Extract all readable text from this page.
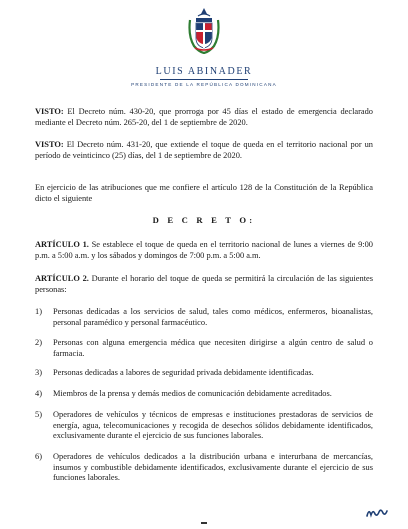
LUIS ABINADER
PRESIDENTE DE LA REPÚBLICA DOMINICANA
VISTO: El Decreto núm. 430-20, que prorroga por 45 días el estado de emergencia declarado mediante el Decreto núm. 265-20, del 1 de septiembre de 2020.
VISTO: El Decreto núm. 431-20, que extiende el toque de queda en el territorio nacional por un período de veinticinco (25) días, del 1 de septiembre de 2020.
En ejercicio de las atribuciones que me confiere el artículo 128 de la Constitución de la República dicto el siguiente
D E C R E T O:
ARTÍCULO 1. Se establece el toque de queda en el territorio nacional de lunes a viernes de 9:00 p.m. a 5:00 a.m. y los sábados y domingos de 7:00 p.m. a 5:00 a.m.
ARTÍCULO 2. Durante el horario del toque de queda se permitirá la circulación de las siguientes personas:
1) Personas dedicadas a los servicios de salud, tales como médicos, enfermeros, bioanalistas, personal paramédico y personal farmacéutico.
2) Personas con alguna emergencia médica que necesiten dirigirse a algún centro de salud o farmacia.
3) Personas dedicadas a labores de seguridad privada debidamente identificadas.
4) Miembros de la prensa y demás medios de comunicación debidamente acreditados.
5) Operadores de vehículos y técnicos de empresas e instituciones prestadoras de servicios de energía, agua, telecomunicaciones y recogida de desechos sólidos debidamente identificados, exclusivamente durante el ejercicio de sus funciones laborales.
6) Operadores de vehículos dedicados a la distribución urbana e interurbana de mercancías, insumos y combustible debidamente identificados, exclusivamente durante el ejercicio de sus funciones laborales.
